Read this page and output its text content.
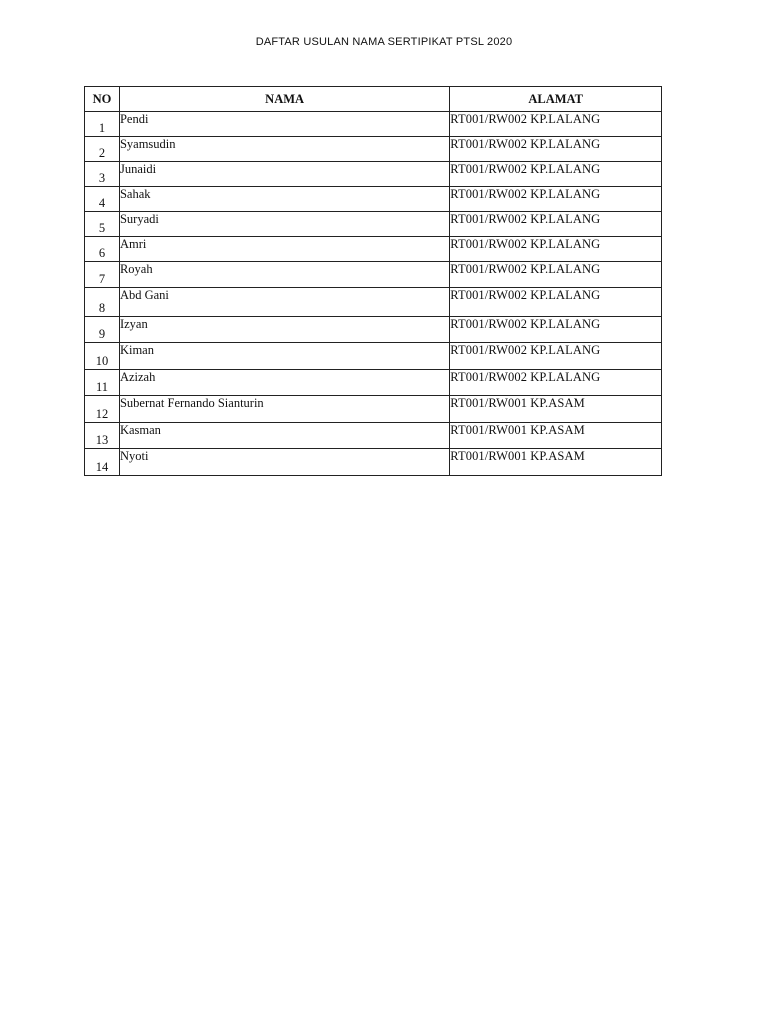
DAFTAR USULAN NAMA SERTIPIKAT PTSL 2020
NO	NAMA	ALAMAT
1	Pendi	RT001/RW002 KP.LALANG
2	Syamsudin	RT001/RW002 KP.LALANG
3	Junaidi	RT001/RW002 KP.LALANG
4	Sahak	RT001/RW002 KP.LALANG
5	Suryadi	RT001/RW002 KP.LALANG
6	Amri	RT001/RW002 KP.LALANG
7	Royah	RT001/RW002 KP.LALANG
8	Abd Gani	RT001/RW002 KP.LALANG
9	Izyan	RT001/RW002 KP.LALANG
10	Kiman	RT001/RW002 KP.LALANG
11	Azizah	RT001/RW002 KP.LALANG
12	Subernat Fernando Sianturin	RT001/RW001 KP.ASAM
13	Kasman	RT001/RW001 KP.ASAM
14	Nyoti	RT001/RW001 KP.ASAM
